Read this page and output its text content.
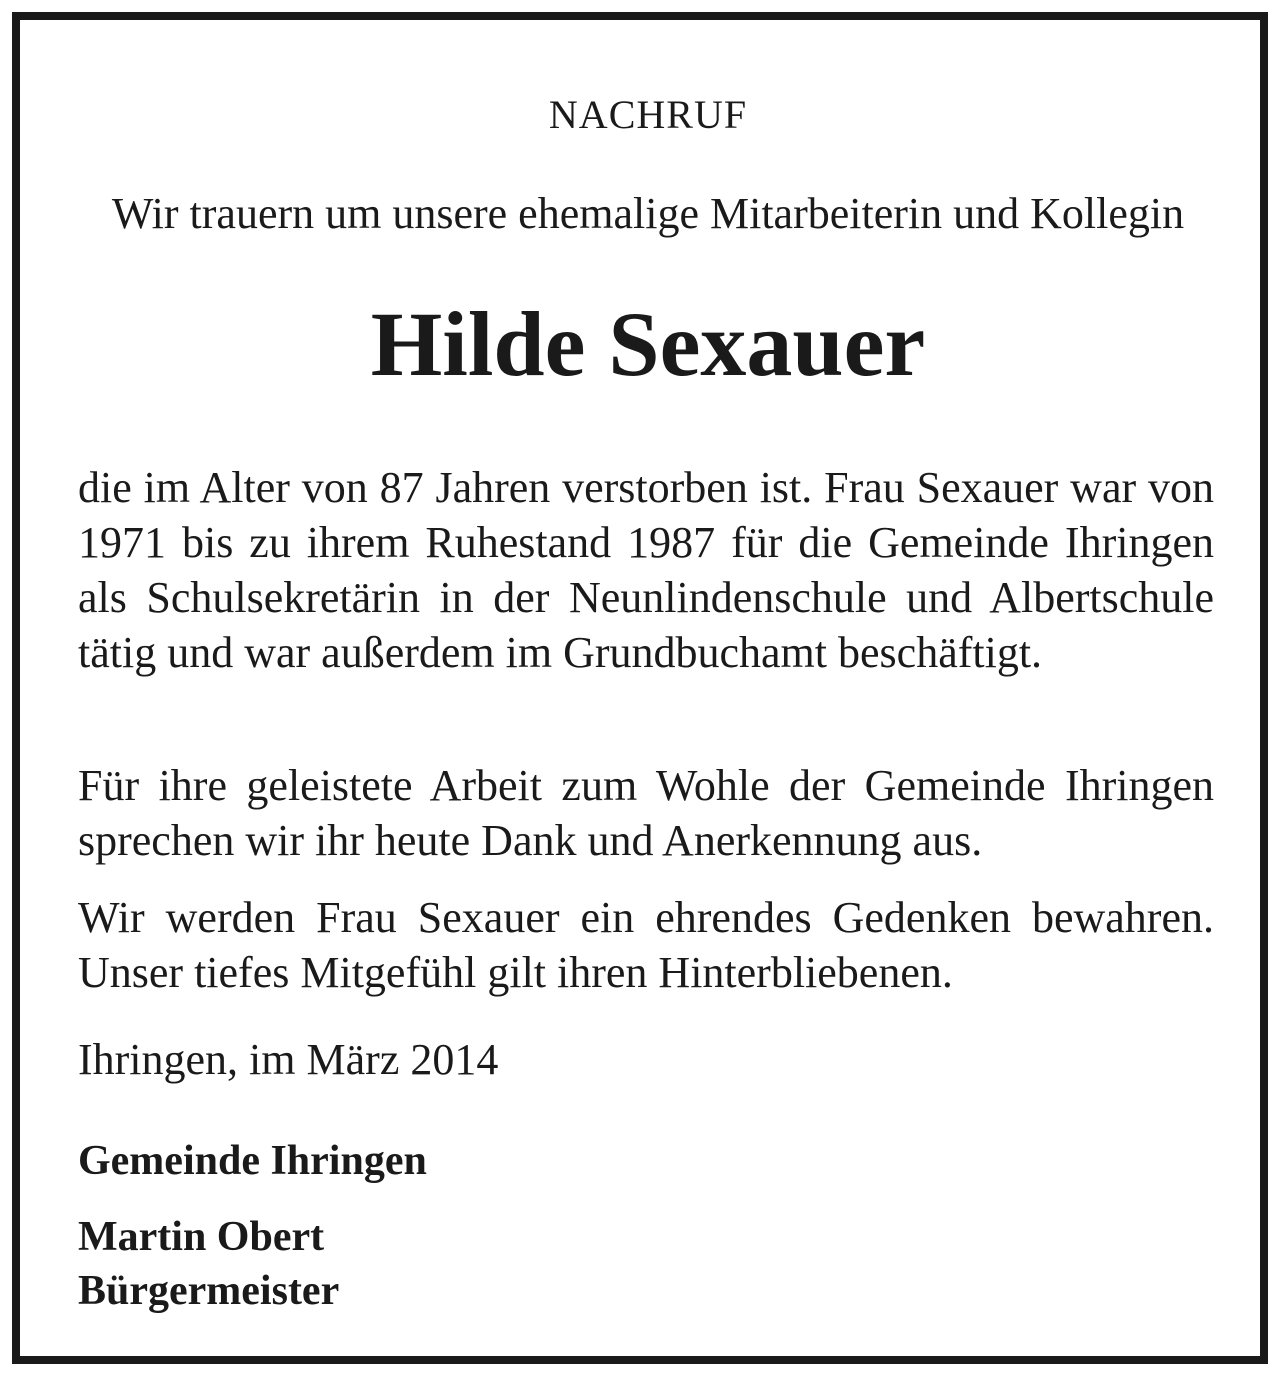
NACHRUF
Wir trauern um unsere ehemalige Mitarbeiterin und Kollegin
Hilde Sexauer

die im Alter von 87 Jahren verstorben ist. Frau Sexauer war von 1971 bis zu ihrem Ruhestand 1987 für die Gemeinde Ihringen als Schulsekretärin in der Neunlindenschule und Albertschule tätig und war außerdem im Grundbuchamt beschäftigt.

Für ihre geleistete Arbeit zum Wohle der Gemeinde Ihringen sprechen wir ihr heute Dank und Anerkennung aus.

Wir werden Frau Sexauer ein ehrendes Gedenken bewahren. Unser tiefes Mitgefühl gilt ihren Hinterbliebenen.

Ihringen, im März 2014

Gemeinde Ihringen

Martin Obert

Bürgermeister
